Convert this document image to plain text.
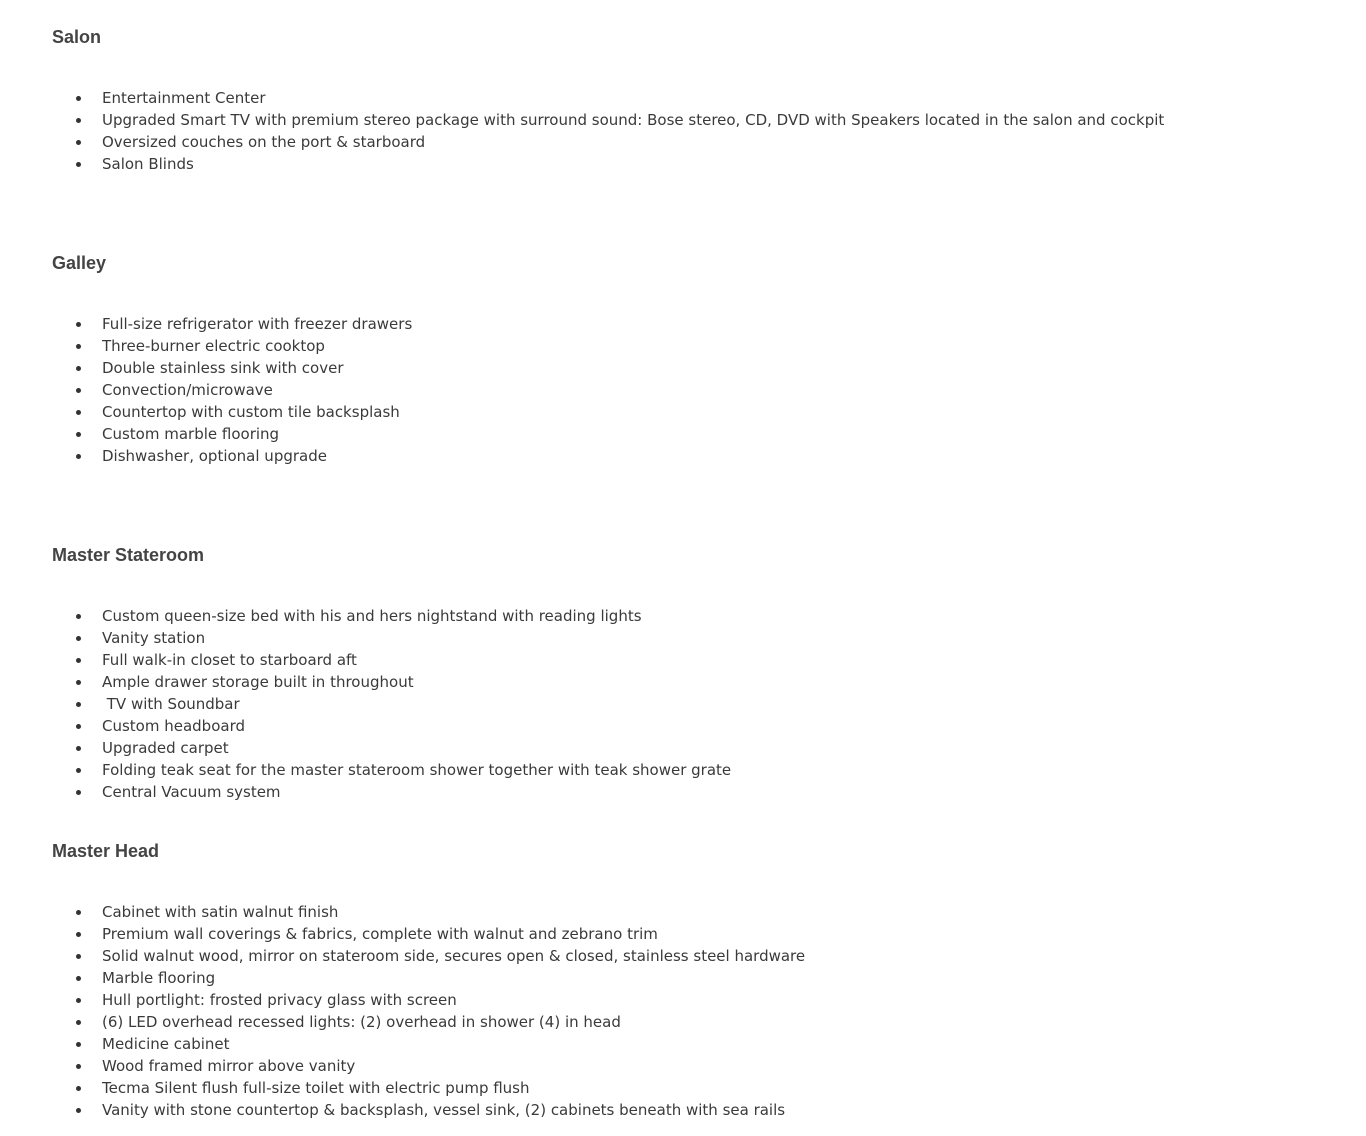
Salon
Entertainment Center
Upgraded Smart TV with premium stereo package with surround sound: Bose stereo, CD, DVD with Speakers located in the salon and cockpit
Oversized couches on the port & starboard
Salon Blinds
Galley
Full-size refrigerator with freezer drawers
Three-burner electric cooktop
Double stainless sink with cover
Convection/microwave
Countertop with custom tile backsplash
Custom marble flooring
Dishwasher, optional upgrade
Master Stateroom
Custom queen-size bed with his and hers nightstand with reading lights
Vanity station
Full walk-in closet to starboard aft
Ample drawer storage built in throughout
TV with Soundbar
Custom headboard
Upgraded carpet
Folding teak seat for the master stateroom shower together with teak shower grate
Central Vacuum system
Master Head
Cabinet with satin walnut finish
Premium wall coverings & fabrics, complete with walnut and zebrano trim
Solid walnut wood, mirror on stateroom side, secures open & closed, stainless steel hardware
Marble flooring
Hull portlight: frosted privacy glass with screen
(6) LED overhead recessed lights: (2) overhead in shower (4) in head
Medicine cabinet
Wood framed mirror above vanity
Tecma Silent flush full-size toilet with electric pump flush
Vanity with stone countertop & backsplash, vessel sink, (2) cabinets beneath with sea rails
